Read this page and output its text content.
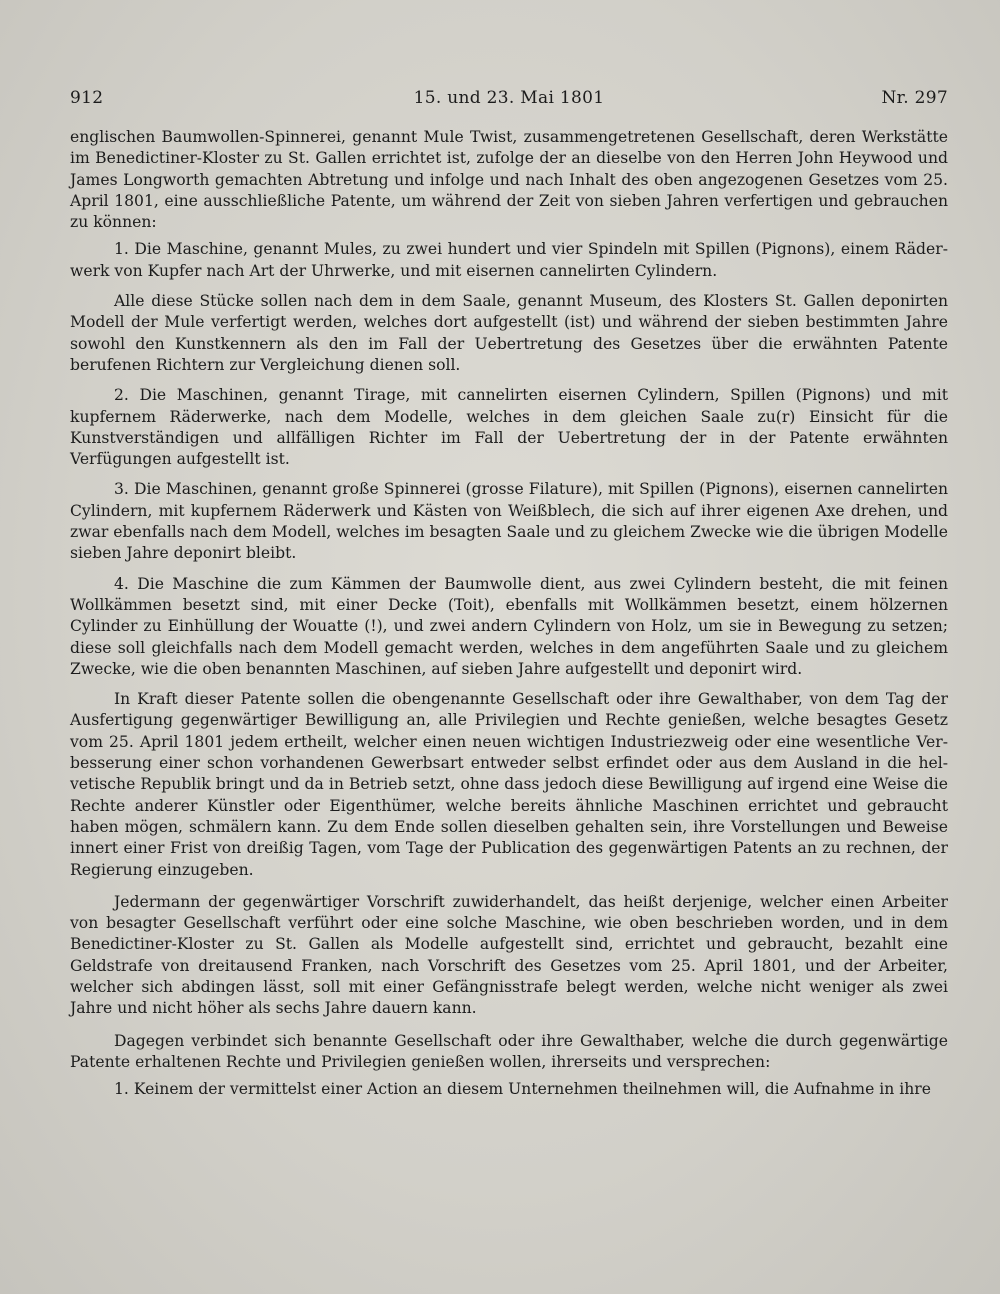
912	15. und 23. Mai 1801	Nr. 297

englischen Baumwollen-Spinnerei, genannt Mule Twist, zusammengetretenen Gesellschaft, deren Werkstätte im Benedictiner-Kloster zu St. Gallen errichtet ist, zufolge der an dieselbe von den Herren John Heywood und James Longworth gemachten Abtretung und infolge und nach Inhalt des oben angezogenen Gesetzes vom 25. April 1801, eine ausschließliche Patente, um während der Zeit von sieben Jahren verfertigen und gebrauchen zu können:

1. Die Maschine, genannt Mules, zu zwei hundert und vier Spindeln mit Spillen (Pignons), einem Räderwerk von Kupfer nach Art der Uhrwerke, und mit eisernen cannelirten Cylindern.

Alle diese Stücke sollen nach dem in dem Saale, genannt Museum, des Klosters St. Gallen deponirten Modell der Mule verfertigt werden, welches dort aufgestellt (ist) und während der sieben bestimmten Jahre sowohl den Kunstkennern als den im Fall der Uebertretung des Gesetzes über die erwähnten Patente berufenen Richtern zur Vergleichung dienen soll.

2. Die Maschinen, genannt Tirage, mit cannelirten eisernen Cylindern, Spillen (Pignons) und mit kupfernem Räderwerke, nach dem Modelle, welches in dem gleichen Saale zu(r) Einsicht für die Kunstverständigen und allfälligen Richter im Fall der Uebertretung der in der Patente erwähnten Verfügungen aufgestellt ist.

3. Die Maschinen, genannt große Spinnerei (grosse Filature), mit Spillen (Pignons), eisernen cannelirten Cylindern, mit kupfernem Räderwerk und Kästen von Weißblech, die sich auf ihrer eigenen Axe drehen, und zwar ebenfalls nach dem Modell, welches im besagten Saale und zu gleichem Zwecke wie die übrigen Modelle sieben Jahre deponirt bleibt.

4. Die Maschine die zum Kämmen der Baumwolle dient, aus zwei Cylindern besteht, die mit feinen Wollkämmen besetzt sind, mit einer Decke (Toit), ebenfalls mit Wollkämmen besetzt, einem hölzernen Cylinder zu Einhüllung der Wouatte (!), und zwei andern Cylindern von Holz, um sie in Bewegung zu setzen; diese soll gleichfalls nach dem Modell gemacht werden, welches in dem angeführten Saale und zu gleichem Zwecke, wie die oben benannten Maschinen, auf sieben Jahre aufgestellt und deponirt wird.

In Kraft dieser Patente sollen die obengenannte Gesellschaft oder ihre Gewalthaber, von dem Tag der Ausfertigung gegenwärtiger Bewilligung an, alle Privilegien und Rechte genießen, welche besagtes Gesetz vom 25. April 1801 jedem ertheilt, welcher einen neuen wichtigen Industriezweig oder eine wesentliche Verbesserung einer schon vorhandenen Gewerbsart entweder selbst erfindet oder aus dem Ausland in die helvetische Republik bringt und da in Betrieb setzt, ohne dass jedoch diese Bewilligung auf irgend eine Weise die Rechte anderer Künstler oder Eigenthümer, welche bereits ähnliche Maschinen errichtet und gebraucht haben mögen, schmälern kann. Zu dem Ende sollen dieselben gehalten sein, ihre Vorstellungen und Beweise innert einer Frist von dreißig Tagen, vom Tage der Publication des gegenwärtigen Patents an zu rechnen, der Regierung einzugeben.

Jedermann der gegenwärtiger Vorschrift zuwiderhandelt, das heißt derjenige, welcher einen Arbeiter von besagter Gesellschaft verführt oder eine solche Maschine, wie oben beschrieben worden, und in dem Benedictiner-Kloster zu St. Gallen als Modelle aufgestellt sind, errichtet und gebraucht, bezahlt eine Geldstrafe von dreitausend Franken, nach Vorschrift des Gesetzes vom 25. April 1801, und der Arbeiter, welcher sich abdingen lässt, soll mit einer Gefängnisstrafe belegt werden, welche nicht weniger als zwei Jahre und nicht höher als sechs Jahre dauern kann.

Dagegen verbindet sich benannte Gesellschaft oder ihre Gewalthaber, welche die durch gegenwärtige Patente erhaltenen Rechte und Privilegien genießen wollen, ihrerseits und versprechen:

1. Keinem der vermittelst einer Action an diesem Unternehmen theilnehmen will, die Aufnahme in ihre
